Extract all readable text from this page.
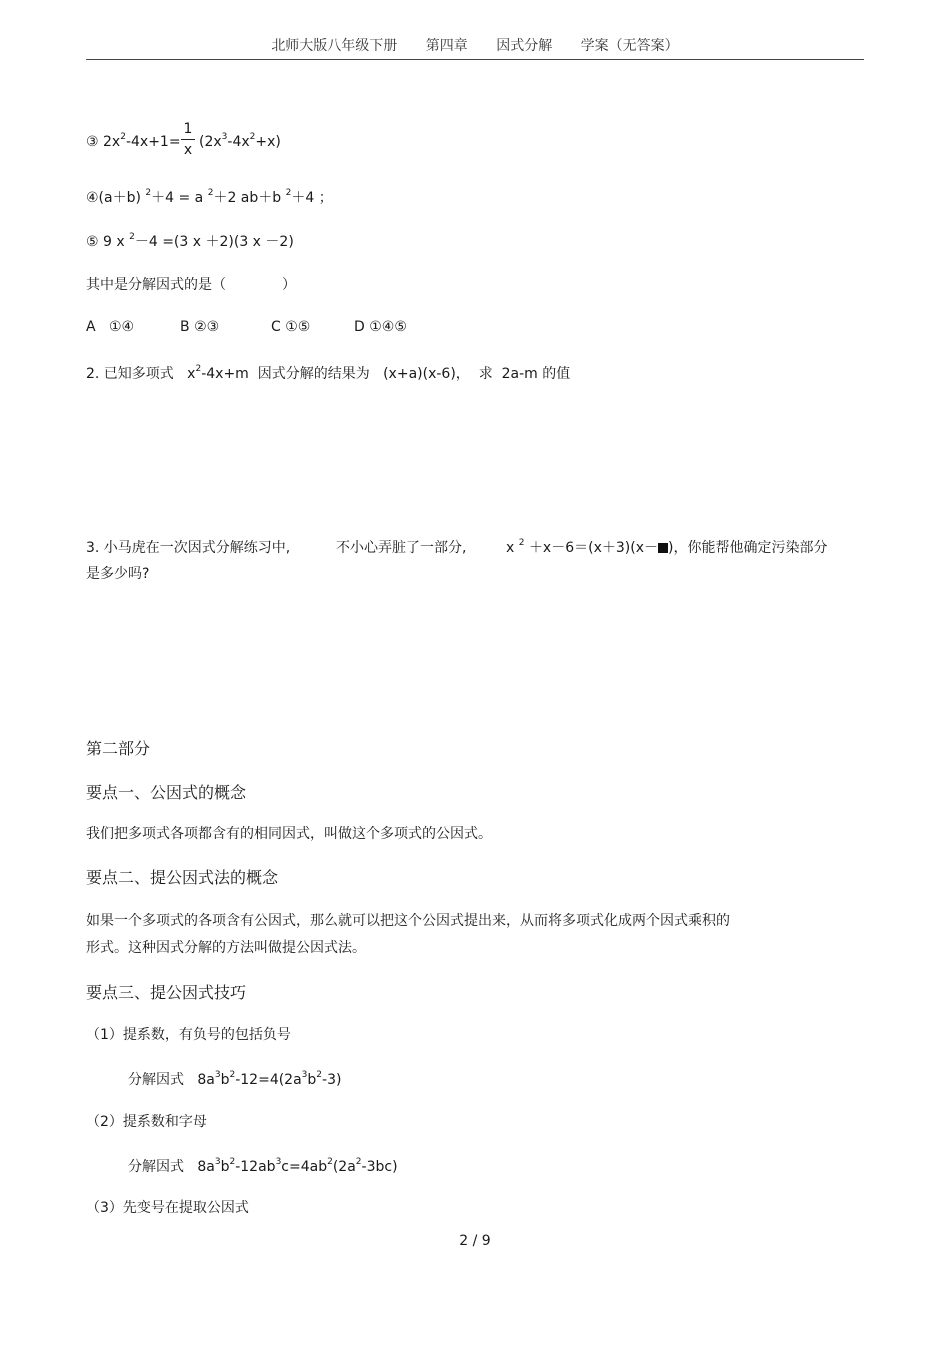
北师大版八年级下册 第四章 因式分解 学案（无答案）
③ $2x^2-4x+1=$
1
x $(2x^3-4x^2+x)$
④(a＋b) $^2$＋4 = a $^2$＋2 ab＋b $^2$＋4 ；
⑤ 9 x $^2$－4 =(3 x ＋2)(3 x －2)
其中是分解因式的是（　　　　）
A ①④	B ②③	C ①⑤	D ①④⑤
2. 已知多项式 $x^2-4x+m$ 因式分解的结果为 (x+a)(x-6)， 求 2a-m 的值
3. 小马虎在一次因式分解练习中,	不小心弄脏了一部分,	x $^2$ ＋x－6＝(x＋3)(x－ )，你能帮他确定污染部分
是多少吗?
第二部分
要点一、公因式的概念
我们把多项式各项都含有的相同因式，叫做这个多项式的公因式。
要点二、提公因式法的概念
如果一个多项式的各项含有公因式，那么就可以把这个公因式提出来，从而将多项式化成两个因式乘积的
形式。这种因式分解的方法叫做提公因式法。
要点三、提公因式技巧
（1）提系数，有负号的包括负号
分解因式 $8a^3b^2-12=4(2a^3b^2-3)$
（2）提系数和字母
分解因式 $8a^3b^2-12ab^3c=4ab^2(2a^2-3bc)$
（3）先变号在提取公因式
2 / 9
